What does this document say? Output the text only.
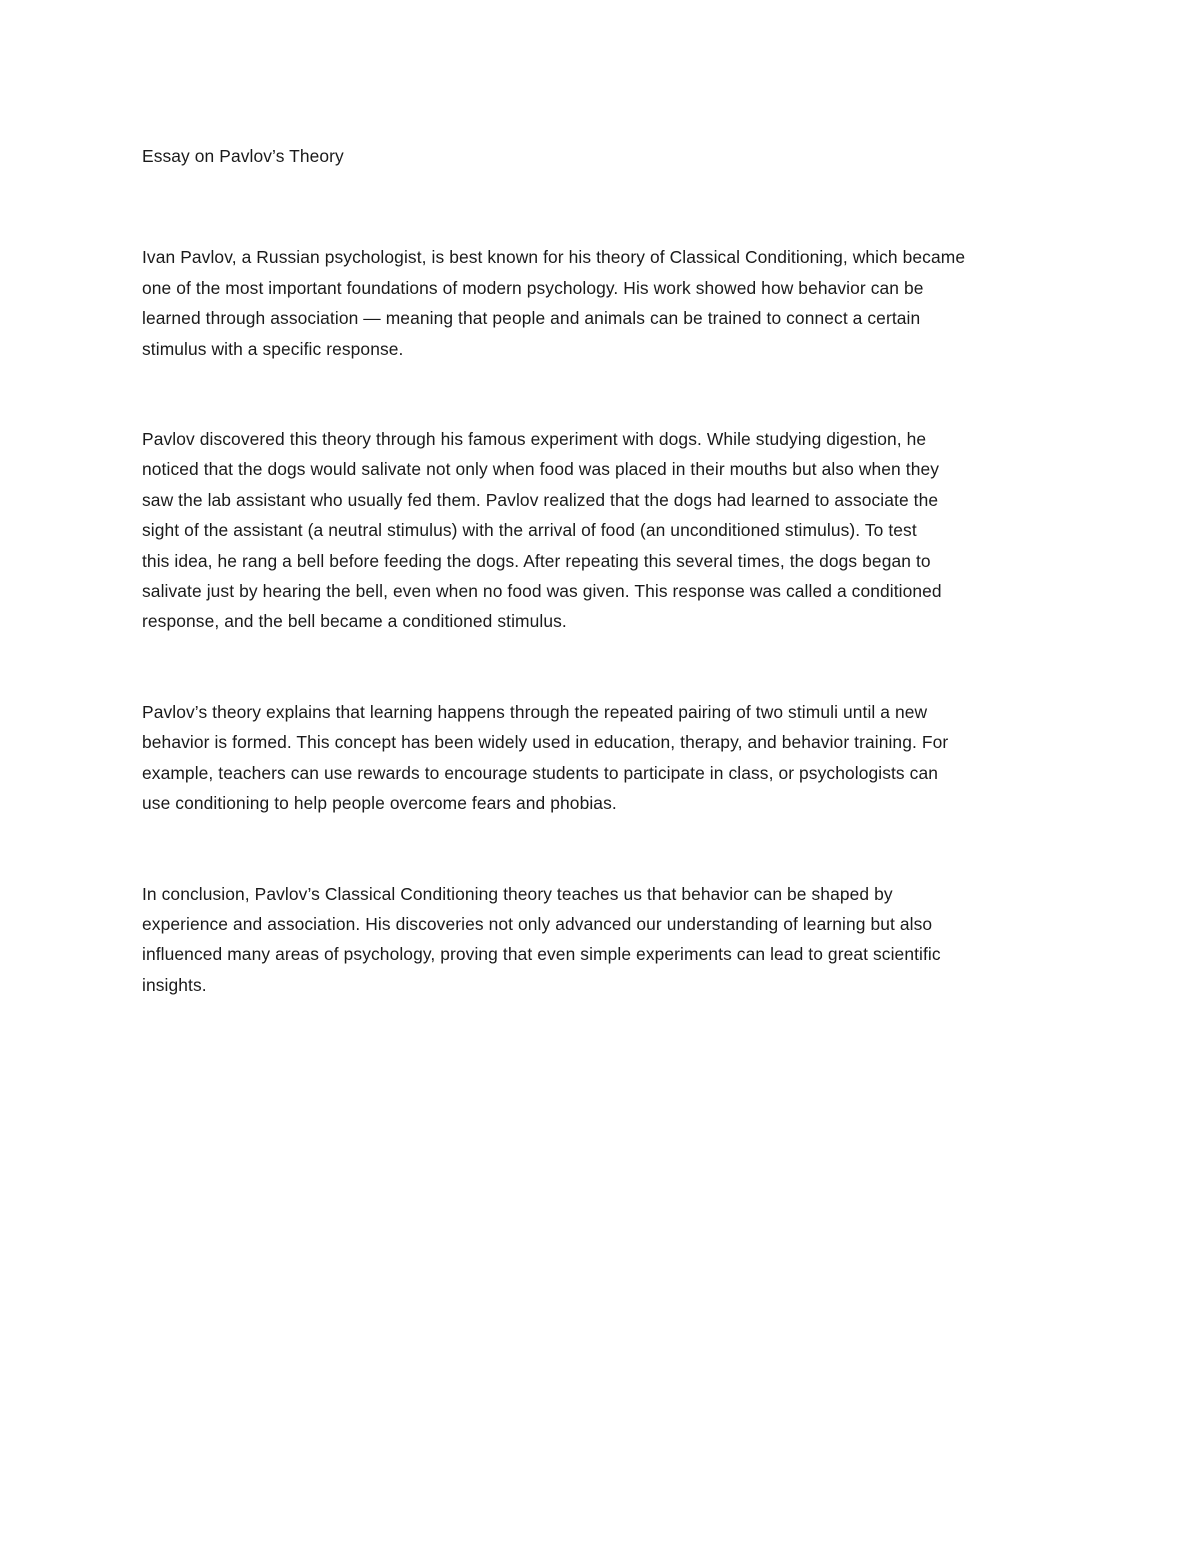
Essay on Pavlov’s Theory

Ivan Pavlov, a Russian psychologist, is best known for his theory of Classical Conditioning, which became
one of the most important foundations of modern psychology. His work showed how behavior can be
learned through association — meaning that people and animals can be trained to connect a certain
stimulus with a specific response.
Pavlov discovered this theory through his famous experiment with dogs. While studying digestion, he
noticed that the dogs would salivate not only when food was placed in their mouths but also when they
saw the lab assistant who usually fed them. Pavlov realized that the dogs had learned to associate the
sight of the assistant (a neutral stimulus) with the arrival of food (an unconditioned stimulus). To test
this idea, he rang a bell before feeding the dogs. After repeating this several times, the dogs began to
salivate just by hearing the bell, even when no food was given. This response was called a conditioned
response, and the bell became a conditioned stimulus.
Pavlov’s theory explains that learning happens through the repeated pairing of two stimuli until a new
behavior is formed. This concept has been widely used in education, therapy, and behavior training. For
example, teachers can use rewards to encourage students to participate in class, or psychologists can
use conditioning to help people overcome fears and phobias.
In conclusion, Pavlov’s Classical Conditioning theory teaches us that behavior can be shaped by
experience and association. His discoveries not only advanced our understanding of learning but also
influenced many areas of psychology, proving that even simple experiments can lead to great scientific
insights.
